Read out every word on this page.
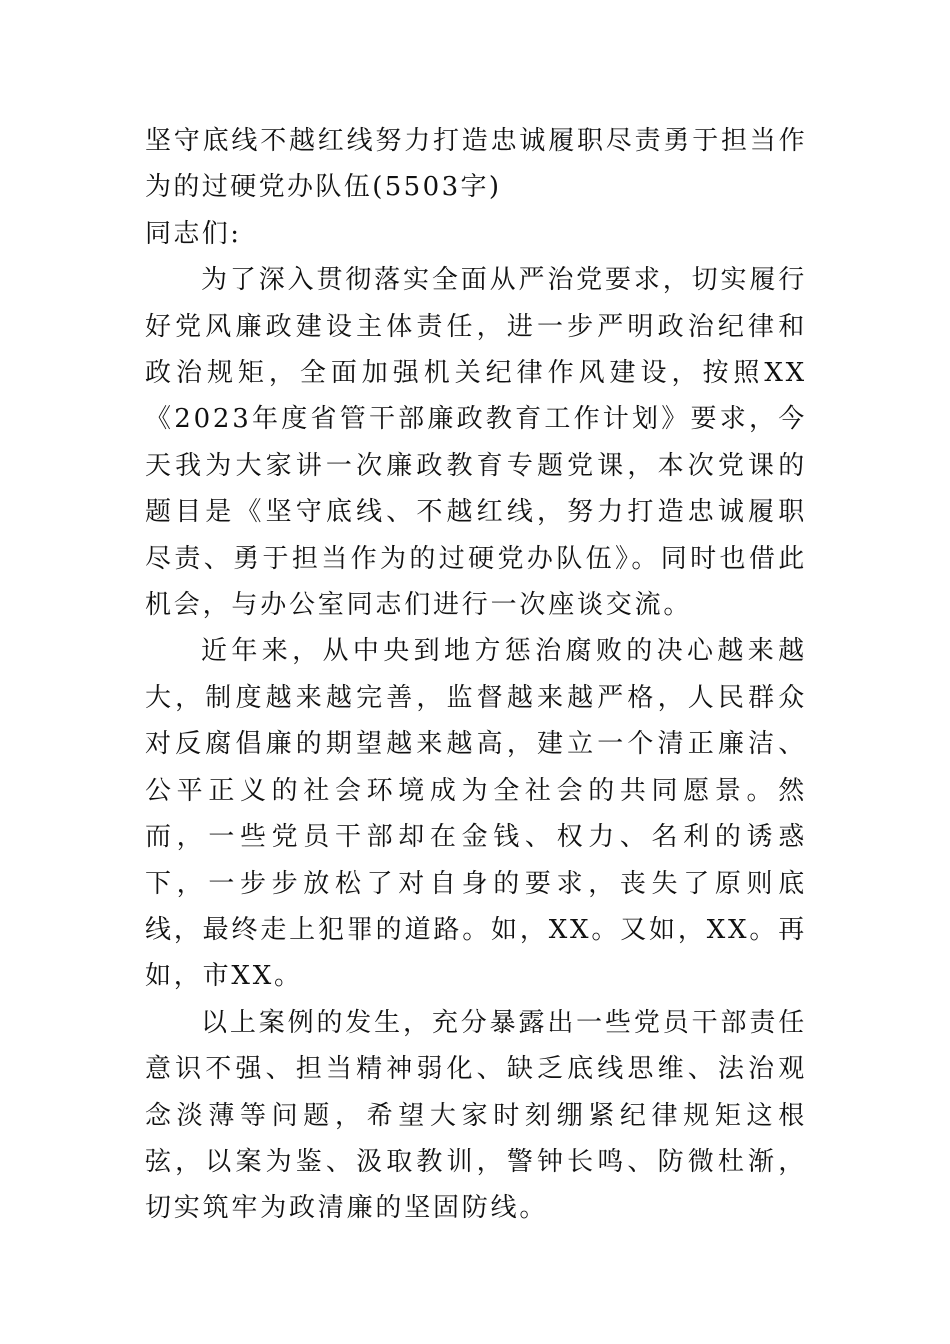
坚守底线不越红线努力打造忠诚履职尽责勇于担当作为的过硬党办队伍(5503字)

同志们:

为了深入贯彻落实全面从严治党要求，切实履行好党风廉政建设主体责任，进一步严明政治纪律和政治规矩，全面加强机关纪律作风建设，按照XX《2023年度省管干部廉政教育工作计划》要求，今天我为大家讲一次廉政教育专题党课，本次党课的题目是《坚守底线、不越红线，努力打造忠诚履职尽责、勇于担当作为的过硬党办队伍》。同时也借此机会，与办公室同志们进行一次座谈交流。

近年来，从中央到地方惩治腐败的决心越来越大，制度越来越完善，监督越来越严格，人民群众对反腐倡廉的期望越来越高，建立一个清正廉洁、公平正义的社会环境成为全社会的共同愿景。然而，一些党员干部却在金钱、权力、名利的诱惑下，一步步放松了对自身的要求，丧失了原则底线，最终走上犯罪的道路。如，XX。又如，XX。再如，市XX。

以上案例的发生，充分暴露出一些党员干部责任意识不强、担当精神弱化、缺乏底线思维、法治观念淡薄等问题，希望大家时刻绷紧纪律规矩这根弦，以案为鉴、汲取教训，警钟长鸣、防微杜渐，切实筑牢为政清廉的坚固防线。
